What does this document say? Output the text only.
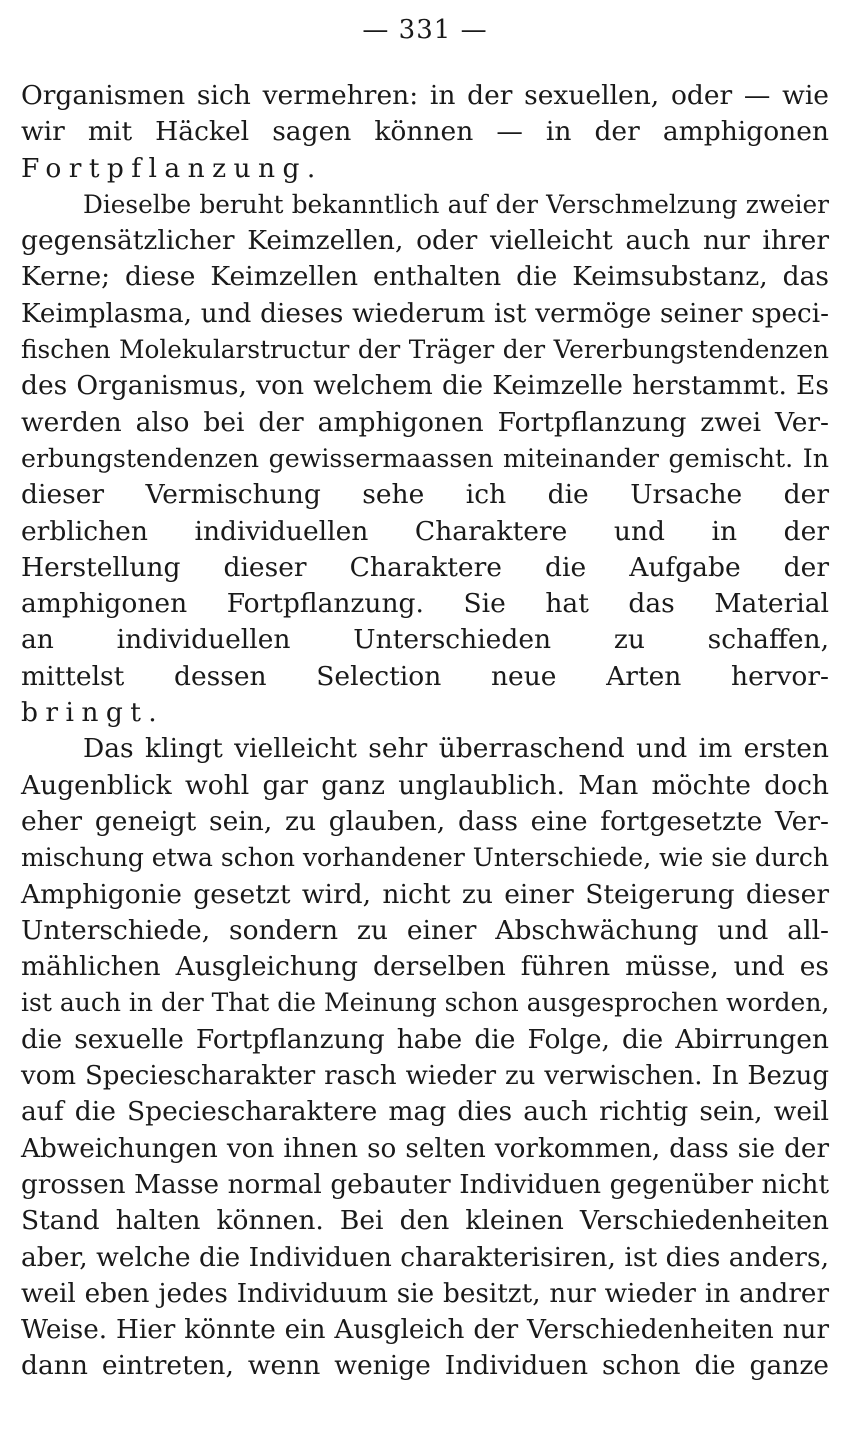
— 331 —
Organismen sich vermehren: in der sexuellen, oder — wie
wir mit Häckel sagen können — in der amphigonen
Fortpflanzung.
Dieselbe beruht bekanntlich auf der Verschmelzung zweier
gegensätzlicher Keimzellen, oder vielleicht auch nur ihrer
Kerne; diese Keimzellen enthalten die Keimsubstanz, das
Keimplasma, und dieses wiederum ist vermöge seiner speci-
fischen Molekularstructur der Träger der Vererbungstendenzen
des Organismus, von welchem die Keimzelle herstammt. Es
werden also bei der amphigonen Fortpflanzung zwei Ver-
erbungstendenzen gewissermaassen miteinander gemischt. In
dieser Vermischung sehe ich die Ursache der
erblichen individuellen Charaktere und in der
Herstellung dieser Charaktere die Aufgabe der
amphigonen Fortpflanzung. Sie hat das Material
an individuellen Unterschieden zu schaffen,
mittelst dessen Selection neue Arten hervor-
bringt.
Das klingt vielleicht sehr überraschend und im ersten
Augenblick wohl gar ganz unglaublich. Man möchte doch
eher geneigt sein, zu glauben, dass eine fortgesetzte Ver-
mischung etwa schon vorhandener Unterschiede, wie sie durch
Amphigonie gesetzt wird, nicht zu einer Steigerung dieser
Unterschiede, sondern zu einer Abschwächung und all-
mählichen Ausgleichung derselben führen müsse, und es
ist auch in der That die Meinung schon ausgesprochen worden,
die sexuelle Fortpflanzung habe die Folge, die Abirrungen
vom Speciescharakter rasch wieder zu verwischen. In Bezug
auf die Speciescharaktere mag dies auch richtig sein, weil
Abweichungen von ihnen so selten vorkommen, dass sie der
grossen Masse normal gebauter Individuen gegenüber nicht
Stand halten können. Bei den kleinen Verschiedenheiten
aber, welche die Individuen charakterisiren, ist dies anders,
weil eben jedes Individuum sie besitzt, nur wieder in andrer
Weise. Hier könnte ein Ausgleich der Verschiedenheiten nur
dann eintreten, wenn wenige Individuen schon die ganze
